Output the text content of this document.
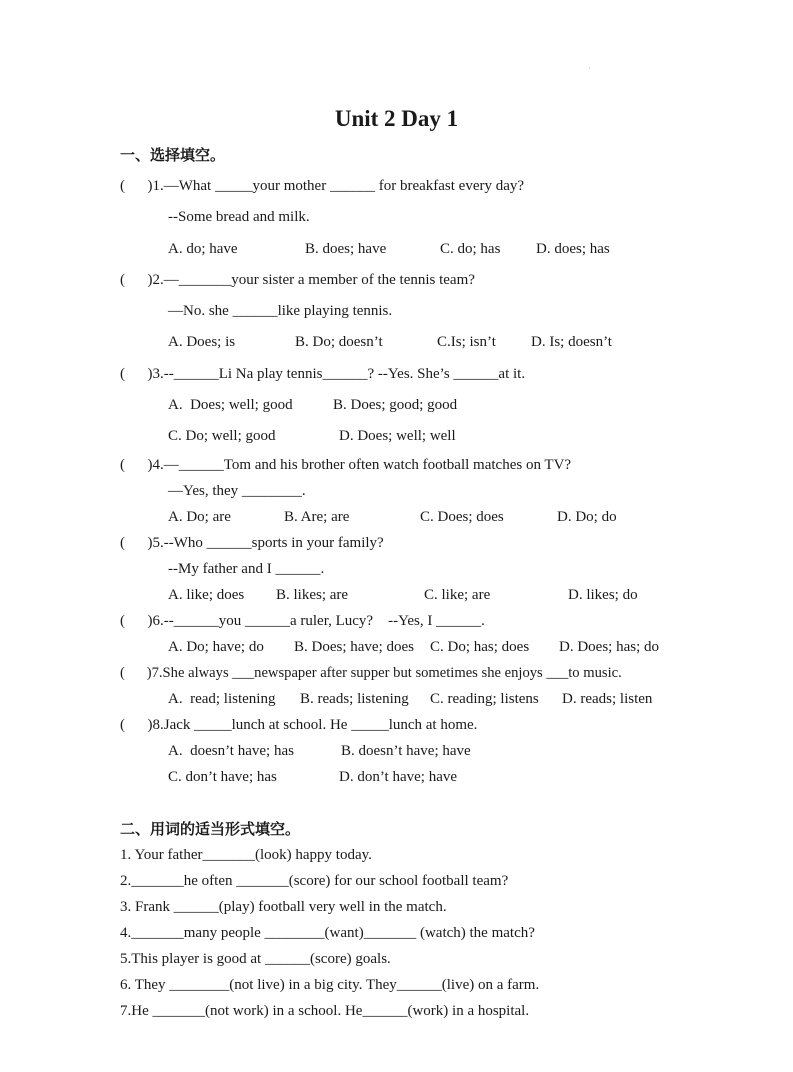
·
Unit 2 Day 1
一、选择填空。
(      )1.—What _____your mother ______ for breakfast every day?
--Some bread and milk.
A. do; have	B. does; have	C. do; has D. does; has
(      )2.—_______your sister a member of the tennis team?
—No. she ______like playing tennis.
A. Does; is	B. Do; doesn’t	C.Is; isn’t D. Is; doesn’t
(      )3.--______Li Na play tennis______? --Yes. She’s ______at it.
A.  Does; well; good	B. Does; good; good
C. Do; well; good	D. Does; well; well
(      )4.—______Tom and his brother often watch football matches on TV?
—Yes, they ________.
A. Do; are	B. Are; are	C. Does; does	D. Do; do
(      )5.--Who ______sports in your family?
--My father and I ______.
A. like; does B. likes; are	C. like; are	D. likes; do
(      )6.--______you ______a ruler, Lucy?    --Yes, I ______.
A. Do; have; do B. Does; have; does C. Do; has; does D. Does; has; do
(      )7.She always ___newspaper after supper but sometimes she enjoys ___to music.
A.  read; listening B. reads; listening C. reading; listens D. reads; listen
(      )8.Jack _____lunch at school. He _____lunch at home.
A.  doesn’t have; has	B. doesn’t have; have
C. don’t have; has	D. don’t have; have
二、用词的适当形式填空。
1. Your father_______(look) happy today.
2._______he often _______(score) for our school football team?
3. Frank ______(play) football very well in the match.
4._______many people ________(want)_______ (watch) the match?
5.This player is good at ______(score) goals.
6. They ________(not live) in a big city. They______(live) on a farm.
7.He _______(not work) in a school. He______(work) in a hospital.
